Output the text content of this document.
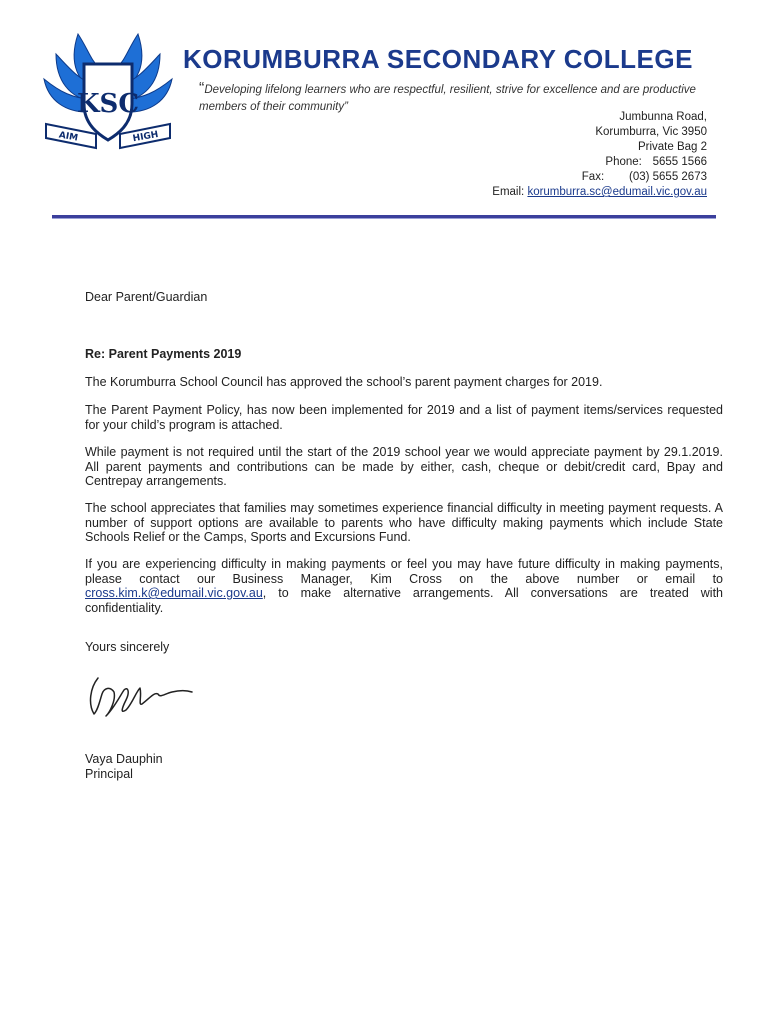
KSC
AIM	HIGH
KORUMBURRA SECONDARY COLLEGE
“Developing lifelong learners who are respectful, resilient, strive for excellence and are productive members of their community”
Jumbunna Road,
Korumburra, Vic 3950
Private Bag 2
Phone: 5655 1566
Fax: (03) 5655 2673
Email: korumburra.sc@edumail.vic.gov.au

Dear Parent/Guardian

Re: Parent Payments 2019

The Korumburra School Council has approved the school’s parent payment charges for 2019.

The Parent Payment Policy, has now been implemented for 2019 and a list of payment items/services requested for your child’s program is attached.

While payment is not required until the start of the 2019 school year we would appreciate payment by 29.1.2019. All parent payments and contributions can be made by either, cash, cheque or debit/credit card, Bpay and Centrepay arrangements.

The school appreciates that families may sometimes experience financial difficulty in meeting payment requests. A number of support options are available to parents who have difficulty making payments which include State Schools Relief or the Camps, Sports and Excursions Fund.

If you are experiencing difficulty in making payments or feel you may have future difficulty in making payments, please contact our Business Manager, Kim Cross on the above number or email to cross.kim.k@edumail.vic.gov.au, to make alternative arrangements. All conversations are treated with confidentiality.

Yours sincerely

Vaya Dauphin
Principal
